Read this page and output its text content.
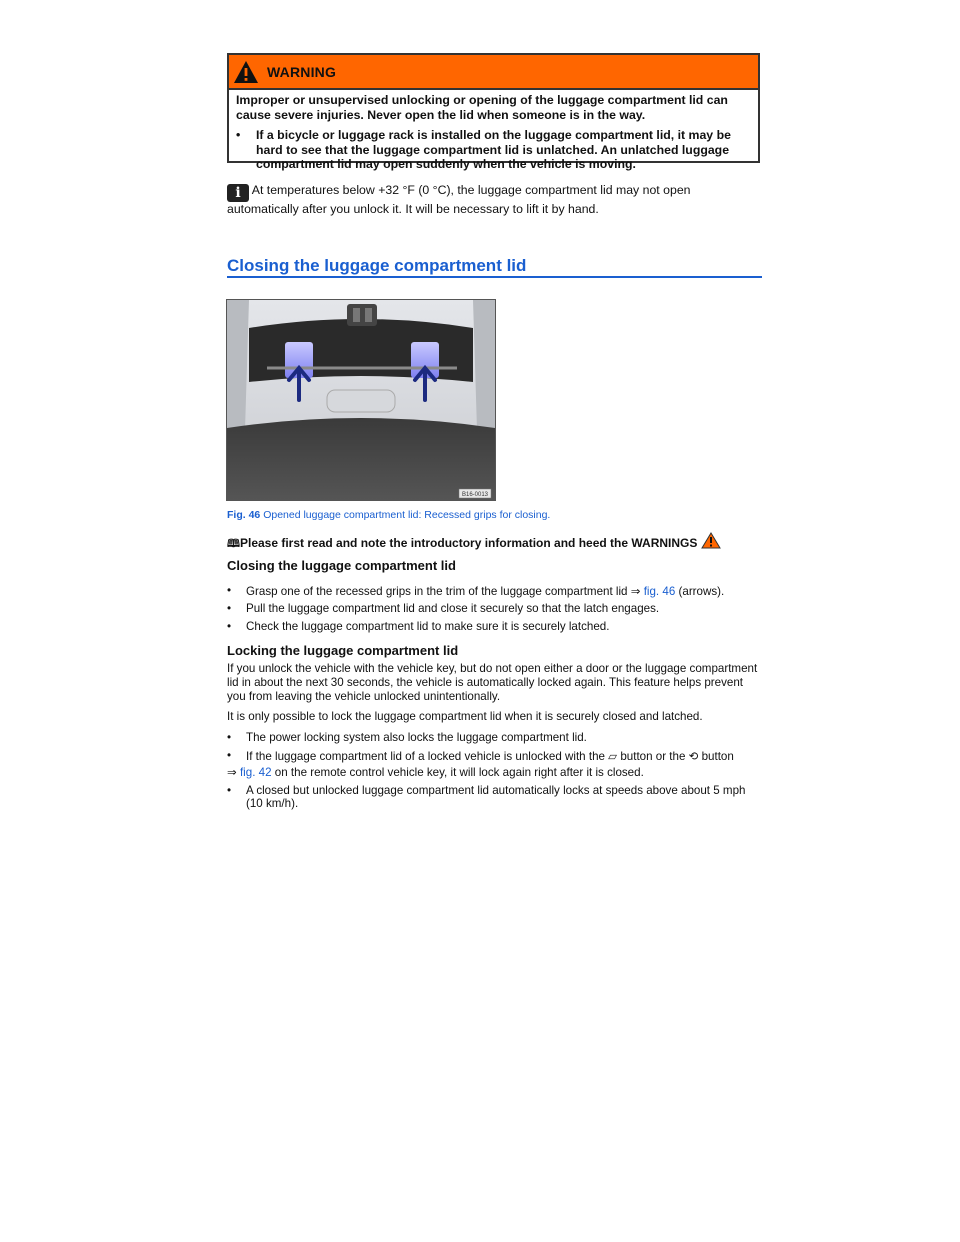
WARNING

Improper or unsupervised unlocking or opening of the luggage compartment lid can cause severe injuries. Never open the lid when someone is in the way.

•	If a bicycle or luggage rack is installed on the luggage compartment lid, it may be hard to see that the luggage compartment lid is unlatched. An unlatched luggage compartment lid may open suddenly when the vehicle is moving.
i At temperatures below +32 °F (0 °C), the luggage compartment lid may not open automatically after you unlock it. It will be necessary to lift it by hand.
Closing the luggage compartment lid
B16-0013
Fig. 46 Opened luggage compartment lid: Recessed grips for closing.
🕮Please first read and note the introductory information and heed the WARNINGS
Closing the luggage compartment lid
•	Grasp one of the recessed grips in the trim of the luggage compartment lid ⇒ fig. 46 (arrows).
•	Pull the luggage compartment lid and close it securely so that the latch engages.
•	Check the luggage compartment lid to make sure it is securely latched.
Locking the luggage compartment lid
If you unlock the vehicle with the vehicle key, but do not open either a door or the luggage compartment lid in about the next 30 seconds, the vehicle is automatically locked again. This feature helps prevent you from leaving the vehicle unlocked unintentionally.
It is only possible to lock the luggage compartment lid when it is securely closed and latched.
•	The power locking system also locks the luggage compartment lid.
•	If the luggage compartment lid of a locked vehicle is unlocked with the ⏥ button or the ⟲ button
⇒ fig. 42 on the remote control vehicle key, it will lock again right after it is closed.
•	A closed but unlocked luggage compartment lid automatically locks at speeds above about 5 mph (10 km/h).
